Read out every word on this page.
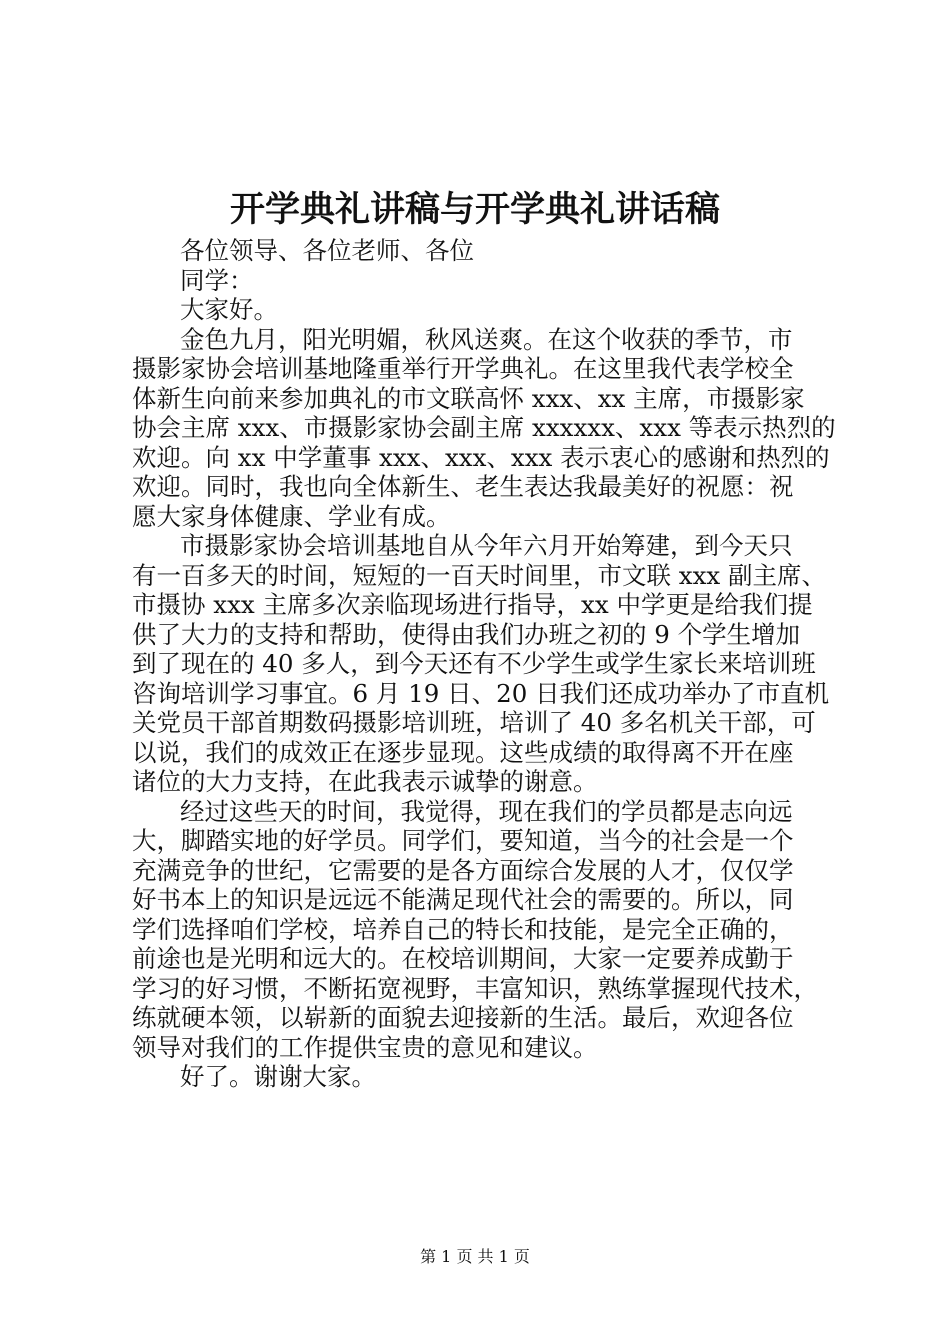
开学典礼讲稿与开学典礼讲话稿
各位领导、各位老师、各位
同学：
大家好。
金色九月，阳光明媚，秋风送爽。在这个收获的季节，市
摄影家协会培训基地隆重举行开学典礼。在这里我代表学校全
体新生向前来参加典礼的市文联高怀 xxx、xx 主席，市摄影家
协会主席 xxx、市摄影家协会副主席 xxxxxx、xxx 等表示热烈的
欢迎。向 xx 中学董事 xxx、xxx、xxx 表示衷心的感谢和热烈的
欢迎。同时，我也向全体新生、老生表达我最美好的祝愿：祝
愿大家身体健康、学业有成。
市摄影家协会培训基地自从今年六月开始筹建，到今天只
有一百多天的时间，短短的一百天时间里，市文联 xxx 副主席、
市摄协 xxx 主席多次亲临现场进行指导，xx 中学更是给我们提
供了大力的支持和帮助，使得由我们办班之初的 9 个学生增加
到了现在的 40 多人，到今天还有不少学生或学生家长来培训班
咨询培训学习事宜。6 月 19 日、20 日我们还成功举办了市直机
关党员干部首期数码摄影培训班，培训了 40 多名机关干部，可
以说，我们的成效正在逐步显现。这些成绩的取得离不开在座
诸位的大力支持，在此我表示诚挚的谢意。
经过这些天的时间，我觉得，现在我们的学员都是志向远
大，脚踏实地的好学员。同学们，要知道，当今的社会是一个
充满竞争的世纪，它需要的是各方面综合发展的人才，仅仅学
好书本上的知识是远远不能满足现代社会的需要的。所以，同
学们选择咱们学校，培养自己的特长和技能，是完全正确的，
前途也是光明和远大的。在校培训期间，大家一定要养成勤于
学习的好习惯，不断拓宽视野，丰富知识，熟练掌握现代技术，
练就硬本领，以崭新的面貌去迎接新的生活。最后，欢迎各位
领导对我们的工作提供宝贵的意见和建议。
好了。谢谢大家。
第 1 页 共 1 页
